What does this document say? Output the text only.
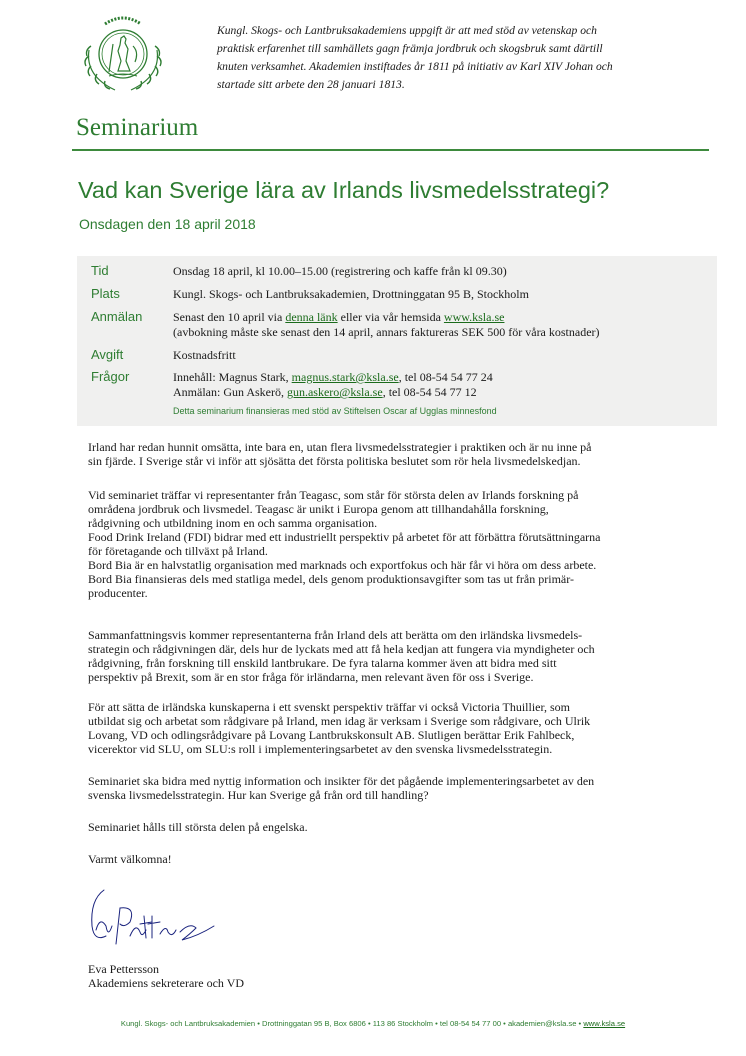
Kungl. Skogs- och Lantbruksakademiens uppgift är att med stöd av vetenskap och
praktisk erfarenhet till samhällets gagn främja jordbruk och skogsbruk samt därtill
knuten verksamhet. Akademien instiftades år 1811 på initiativ av Karl XIV Johan och
startade sitt arbete den 28 januari 1813.
Seminarium
Vad kan Sverige lära av Irlands livsmedelsstrategi?
Onsdagen den 18 april 2018
Tid	Onsdag 18 april, kl 10.00–15.00 (registrering och kaffe från kl 09.30)
Plats	Kungl. Skogs- och Lantbruksakademien, Drottninggatan 95 B, Stockholm
Anmälan	Senast den 10 april via denna länk eller via vår hemsida www.ksla.se
(avbokning måste ske senast den 14 april, annars faktureras SEK 500 för våra kostnader)
Avgift	Kostnadsfritt
Frågor	Innehåll: Magnus Stark, magnus.stark@ksla.se, tel 08-54 54 77 24
Anmälan: Gun Askerö, gun.askero@ksla.se, tel 08-54 54 77 12
Detta seminarium finansieras med stöd av Stiftelsen Oscar af Ugglas minnesfond
Irland har redan hunnit omsätta, inte bara en, utan flera livsmedelsstrategier i praktiken och är nu inne på
sin fjärde. I Sverige står vi inför att sjösätta det första politiska beslutet som rör hela livsmedelskedjan.
Vid seminariet träffar vi representanter från Teagasc, som står för största delen av Irlands forskning på
områdena jordbruk och livsmedel. Teagasc är unikt i Europa genom att tillhandahålla forskning,
rådgivning och utbildning inom en och samma organisation.
Food Drink Ireland (FDI) bidrar med ett industriellt perspektiv på arbetet för att förbättra förutsättningarna
för företagande och tillväxt på Irland.
Bord Bia är en halvstatlig organisation med marknads och exportfokus och här får vi höra om dess arbete.
Bord Bia finansieras dels med statliga medel, dels genom produktionsavgifter som tas ut från primär-
producenter.
Sammanfattningsvis kommer representanterna från Irland dels att berätta om den irländska livsmedels-
strategin och rådgivningen där, dels hur de lyckats med att få hela kedjan att fungera via myndigheter och
rådgivning, från forskning till enskild lantbrukare. De fyra talarna kommer även att bidra med sitt
perspektiv på Brexit, som är en stor fråga för irländarna, men relevant även för oss i Sverige.
För att sätta de irländska kunskaperna i ett svenskt perspektiv träffar vi också Victoria Thuillier, som
utbildat sig och arbetat som rådgivare på Irland, men idag är verksam i Sverige som rådgivare, och Ulrik
Lovang, VD och odlingsrådgivare på Lovang Lantbrukskonsult AB. Slutligen berättar Erik Fahlbeck,
vicerektor vid SLU, om SLU:s roll i implementeringsarbetet av den svenska livsmedelsstrategin.
Seminariet ska bidra med nyttig information och insikter för det pågående implementeringsarbetet av den
svenska livsmedelsstrategin. Hur kan Sverige gå från ord till handling?
Seminariet hålls till största delen på engelska.
Varmt välkomna!
Eva Pettersson
Akademiens sekreterare och VD
Kungl. Skogs- och Lantbruksakademien • Drottninggatan 95 B, Box 6806 • 113 86 Stockholm • tel 08-54 54 77 00 • akademien@ksla.se • www.ksla.se
